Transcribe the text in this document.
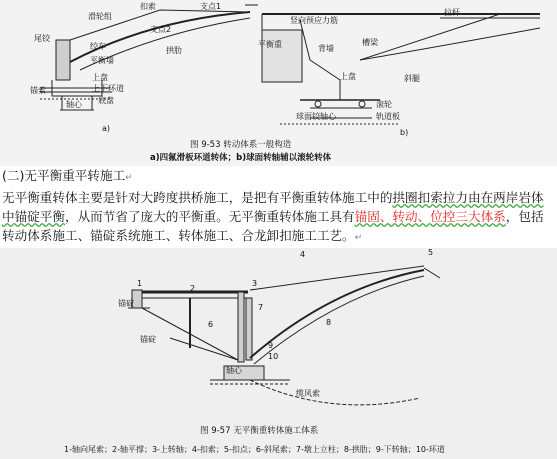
尾铰
滑轮组
扣索	支点1
支点2
绞车
平衡墙
拱肋
锚索
上盘
上下环道
轴心 底盘
a)
竖向预应力筋
拉杆
平衡重	背墙
槽梁
上盘	斜腿
滚轮
球面铰轴心	轨道板
b)
图 9-53 转动体系一般构造
a)四氟滑板环道转体；b)球面转轴辅以滚轮转体
(二)无平衡重平转施工↵
无平衡重转体主要是针对大跨度拱桥施工，是把有平衡重转体施工中的拱圈扣索拉力由在两岸岩体中锚碇平衡，从而节省了庞大的平衡重。无平衡重转体施工具有锚固、转动、位控三大体系，包括转动体系施工、锚碇系统施工、转体施工、合龙卸扣施工工艺。↵
1
2
3
4	5
6
7
8
9
10
锚碇
锚碇
轴心
缆风索
图 9-57 无平衡重转体施工体系
1-轴向尾索；2-轴平撑；3-上转轴；4-扣索；5-扣点；6-斜尾索；7-墩上立柱；8-拱肋；9-下转轴；10-环道
